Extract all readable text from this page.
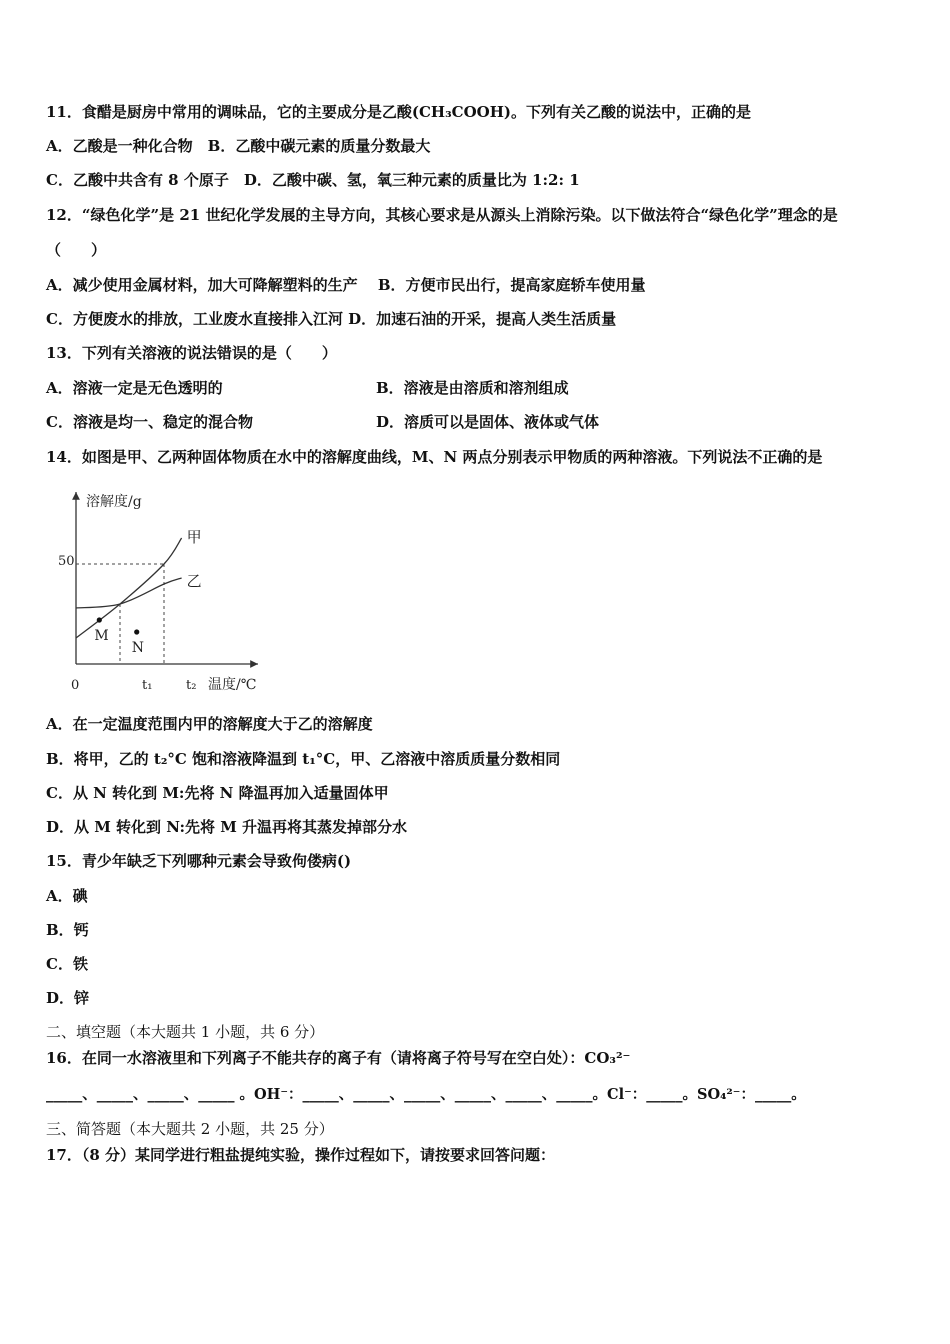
11．食醋是厨房中常用的调味品，它的主要成分是乙酸(CH₃COOH)。下列有关乙酸的说法中，正确的是
A．乙酸是一种化合物　B．乙酸中碳元素的质量分数最大
C．乙酸中共含有 8 个原子　D．乙酸中碳、氢，氧三种元素的质量比为 1:2: 1
12．“绿色化学”是 21 世纪化学发展的主导方向，其核心要求是从源头上消除污染。以下做法符合“绿色化学”理念的是
（　　）
A．减少使用金属材料，加大可降解塑料的生产　 B．方便市民出行，提高家庭轿车使用量
C．方便废水的排放，工业废水直接排入江河 D．加速石油的开采，提高人类生活质量
13．下列有关溶液的说法错误的是（　　）
A．溶液一定是无色透明的	B．溶液是由溶质和溶剂组成
C．溶液是均一、稳定的混合物	D．溶质可以是固体、液体或气体
14．如图是甲、乙两种固体物质在水中的溶解度曲线，M、N 两点分别表示甲物质的两种溶液。下列说法不正确的是
溶解度/g
温度/℃
0
50
t₁	t₂
甲
乙
M
N
A．在一定温度范围内甲的溶解度大于乙的溶解度
B．将甲，乙的 t₂°C 饱和溶液降温到 t₁°C，甲、乙溶液中溶质质量分数相同
C．从 N 转化到 M:先将 N 降温再加入适量固体甲
D．从 M 转化到 N:先将 M 升温再将其蒸发掉部分水
15．青少年缺乏下列哪种元素会导致佝偻病()
A．碘
B．钙
C．铁
D．锌
二、填空题（本大题共 1 小题，共 6 分）
16．在同一水溶液里和下列离子不能共存的离子有（请将离子符号写在空白处）：CO₃²⁻
_____、_____、_____、_____ 。OH⁻：_____、_____、_____、_____、_____、_____。Cl⁻：_____。SO₄²⁻：_____。
三、简答题（本大题共 2 小题，共 25 分）
17．（8 分）某同学进行粗盐提纯实验，操作过程如下，请按要求回答问题：
